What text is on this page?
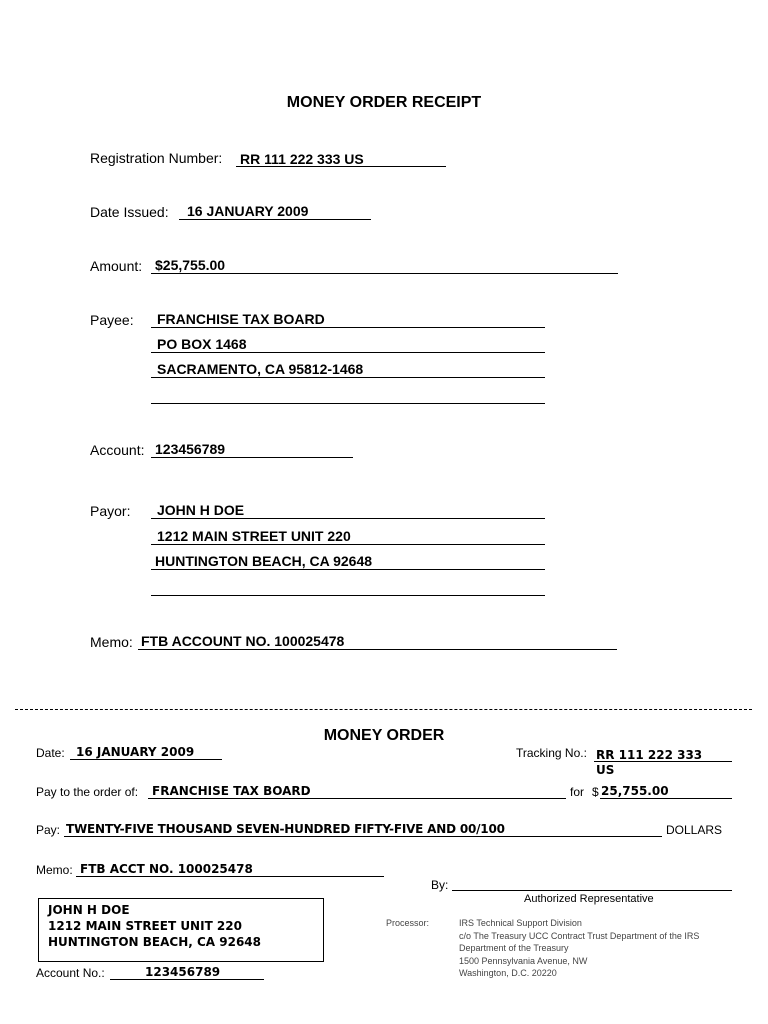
MONEY ORDER RECEIPT
Registration Number: RR 111 222 333 US
Date Issued: 16 JANUARY 2009
Amount: $25,755.00
Payee: FRANCHISE TAX BOARD
PO BOX 1468
SACRAMENTO, CA 95812-1468
Account: 123456789
Payor: JOHN H DOE
1212 MAIN STREET UNIT 220
HUNTINGTON BEACH, CA 92648
Memo: FTB ACCOUNT NO. 100025478
MONEY ORDER
Date: 16 JANUARY 2009	Tracking No.: RR 111 222 333
US
Pay to the order of: FRANCHISE TAX BOARD	for $ 25,755.00
Pay: TWENTY-FIVE THOUSAND SEVEN-HUNDRED FIFTY-FIVE AND 00/100	DOLLARS
Memo: FTB ACCT NO. 100025478
By:
Authorized Representative
JOHN H DOE
1212 MAIN STREET UNIT 220
HUNTINGTON BEACH, CA 92648
Processor:	IRS Technical Support Division
c/o The Treasury UCC Contract Trust Department of the IRS
Department of the Treasury
1500 Pennsylvania Avenue, NW
Washington, D.C. 20220
Account No.:	123456789
